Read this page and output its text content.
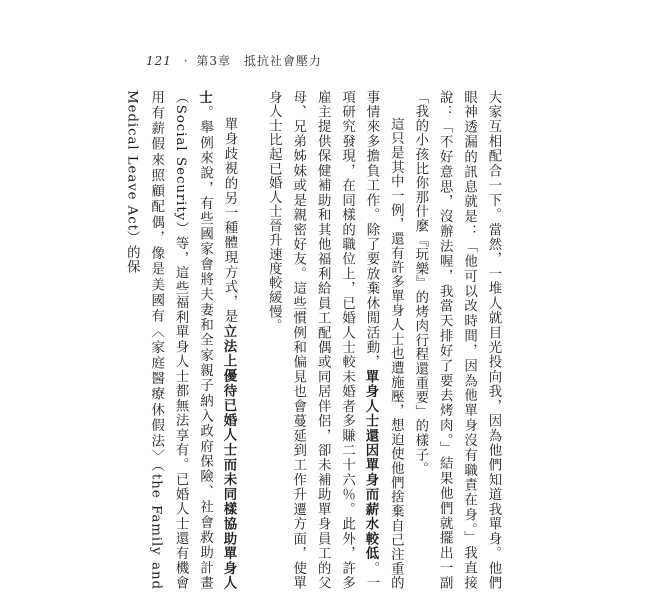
121 · 第3章 抵抗社會壓力

大家互相配合一下。當然，一堆人就目光投向我，因為他們知道我單身。他們眼神透漏的訊息就是：「他可以改時間，因為他單身沒有職責在身。」我直接說：「不好意思，沒辦法喔，我當天排好了要去烤肉。」結果他們就擺出一副「我的小孩比你那什麼『玩樂』的烤肉行程還重要」的樣子。

這只是其中一例，還有許多單身人士也遭施壓，想迫使他們捨棄自己注重的事情來多擔負工作。除了要放棄休閒活動，單身人士還因單身而薪水較低。一項研究發現，在同樣的職位上，已婚人士較未婚者多賺二十六％。此外，許多雇主提供保健補助和其他福利給員工配偶或同居伴侶，卻未補助單身員工的父母、兄弟姊妹或是親密好友。這些慣例和偏見也會蔓延到工作升遷方面，使單身人士比起已婚人士晉升速度較緩慢。

單身歧視的另一種體現方式，是立法上優待已婚人士而未同樣協助單身人士。舉例來說，有些國家會將夫妻和全家親子納入政府保險、社會救助計畫（Social Security）等，這些福利單身人士都無法享有。已婚人士還有機會用有薪假來照顧配偶，像是美國有〈家庭醫療休假法〉（the Family and Medical Leave Act）的保
